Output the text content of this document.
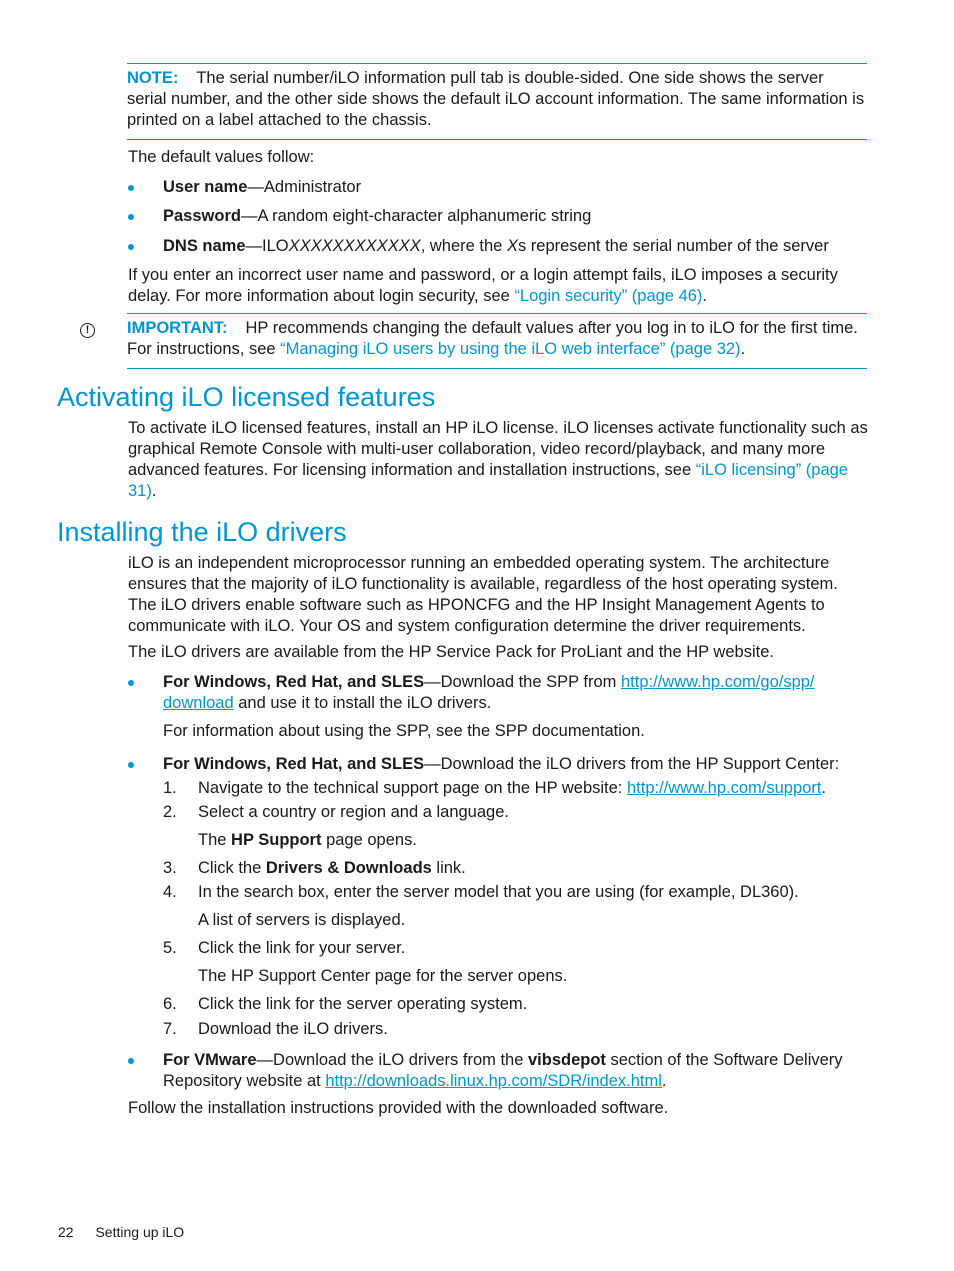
NOTE: The serial number/iLO information pull tab is double-sided. One side shows the server serial number, and the other side shows the default iLO account information. The same information is printed on a label attached to the chassis.

The default values follow:

User name—Administrator
Password—A random eight-character alphanumeric string
DNS name—ILOXXXXXXXXXXXX, where the Xs represent the serial number of the server

If you enter an incorrect user name and password, or a login attempt fails, iLO imposes a security delay. For more information about login security, see “Login security” (page 46).

!	IMPORTANT: HP recommends changing the default values after you log in to iLO for the first time. For instructions, see “Managing iLO users by using the iLO web interface” (page 32).
Activating iLO licensed features

To activate iLO licensed features, install an HP iLO license. iLO licenses activate functionality such as graphical Remote Console with multi-user collaboration, video record/playback, and many more advanced features. For licensing information and installation instructions, see “iLO licensing” (page 31).

Installing the iLO drivers

iLO is an independent microprocessor running an embedded operating system. The architecture ensures that the majority of iLO functionality is available, regardless of the host operating system. The iLO drivers enable software such as HPONCFG and the HP Insight Management Agents to communicate with iLO. Your OS and system configuration determine the driver requirements.

The iLO drivers are available from the HP Service Pack for ProLiant and the HP website.

For Windows, Red Hat, and SLES—Download the SPP from http://www.hp.com/go/spp/
download and use it to install the iLO drivers.

For information about using the SPP, see the SPP documentation.

For Windows, Red Hat, and SLES—Download the iLO drivers from the HP Support Center:
1.	Navigate to the technical support page on the HP website: http://www.hp.com/support.
2.	Select a country or region and a language.
The HP Support page opens.
3.	Click the Drivers & Downloads link.
4.	In the search box, enter the server model that you are using (for example, DL360).
A list of servers is displayed.
5.	Click the link for your server.
The HP Support Center page for the server opens.
6.	Click the link for the server operating system.
7.	Download the iLO drivers.
For VMware—Download the iLO drivers from the vibsdepot section of the Software Delivery Repository website at http://downloads.linux.hp.com/SDR/index.html.

Follow the installation instructions provided with the downloaded software.

22 Setting up iLO
